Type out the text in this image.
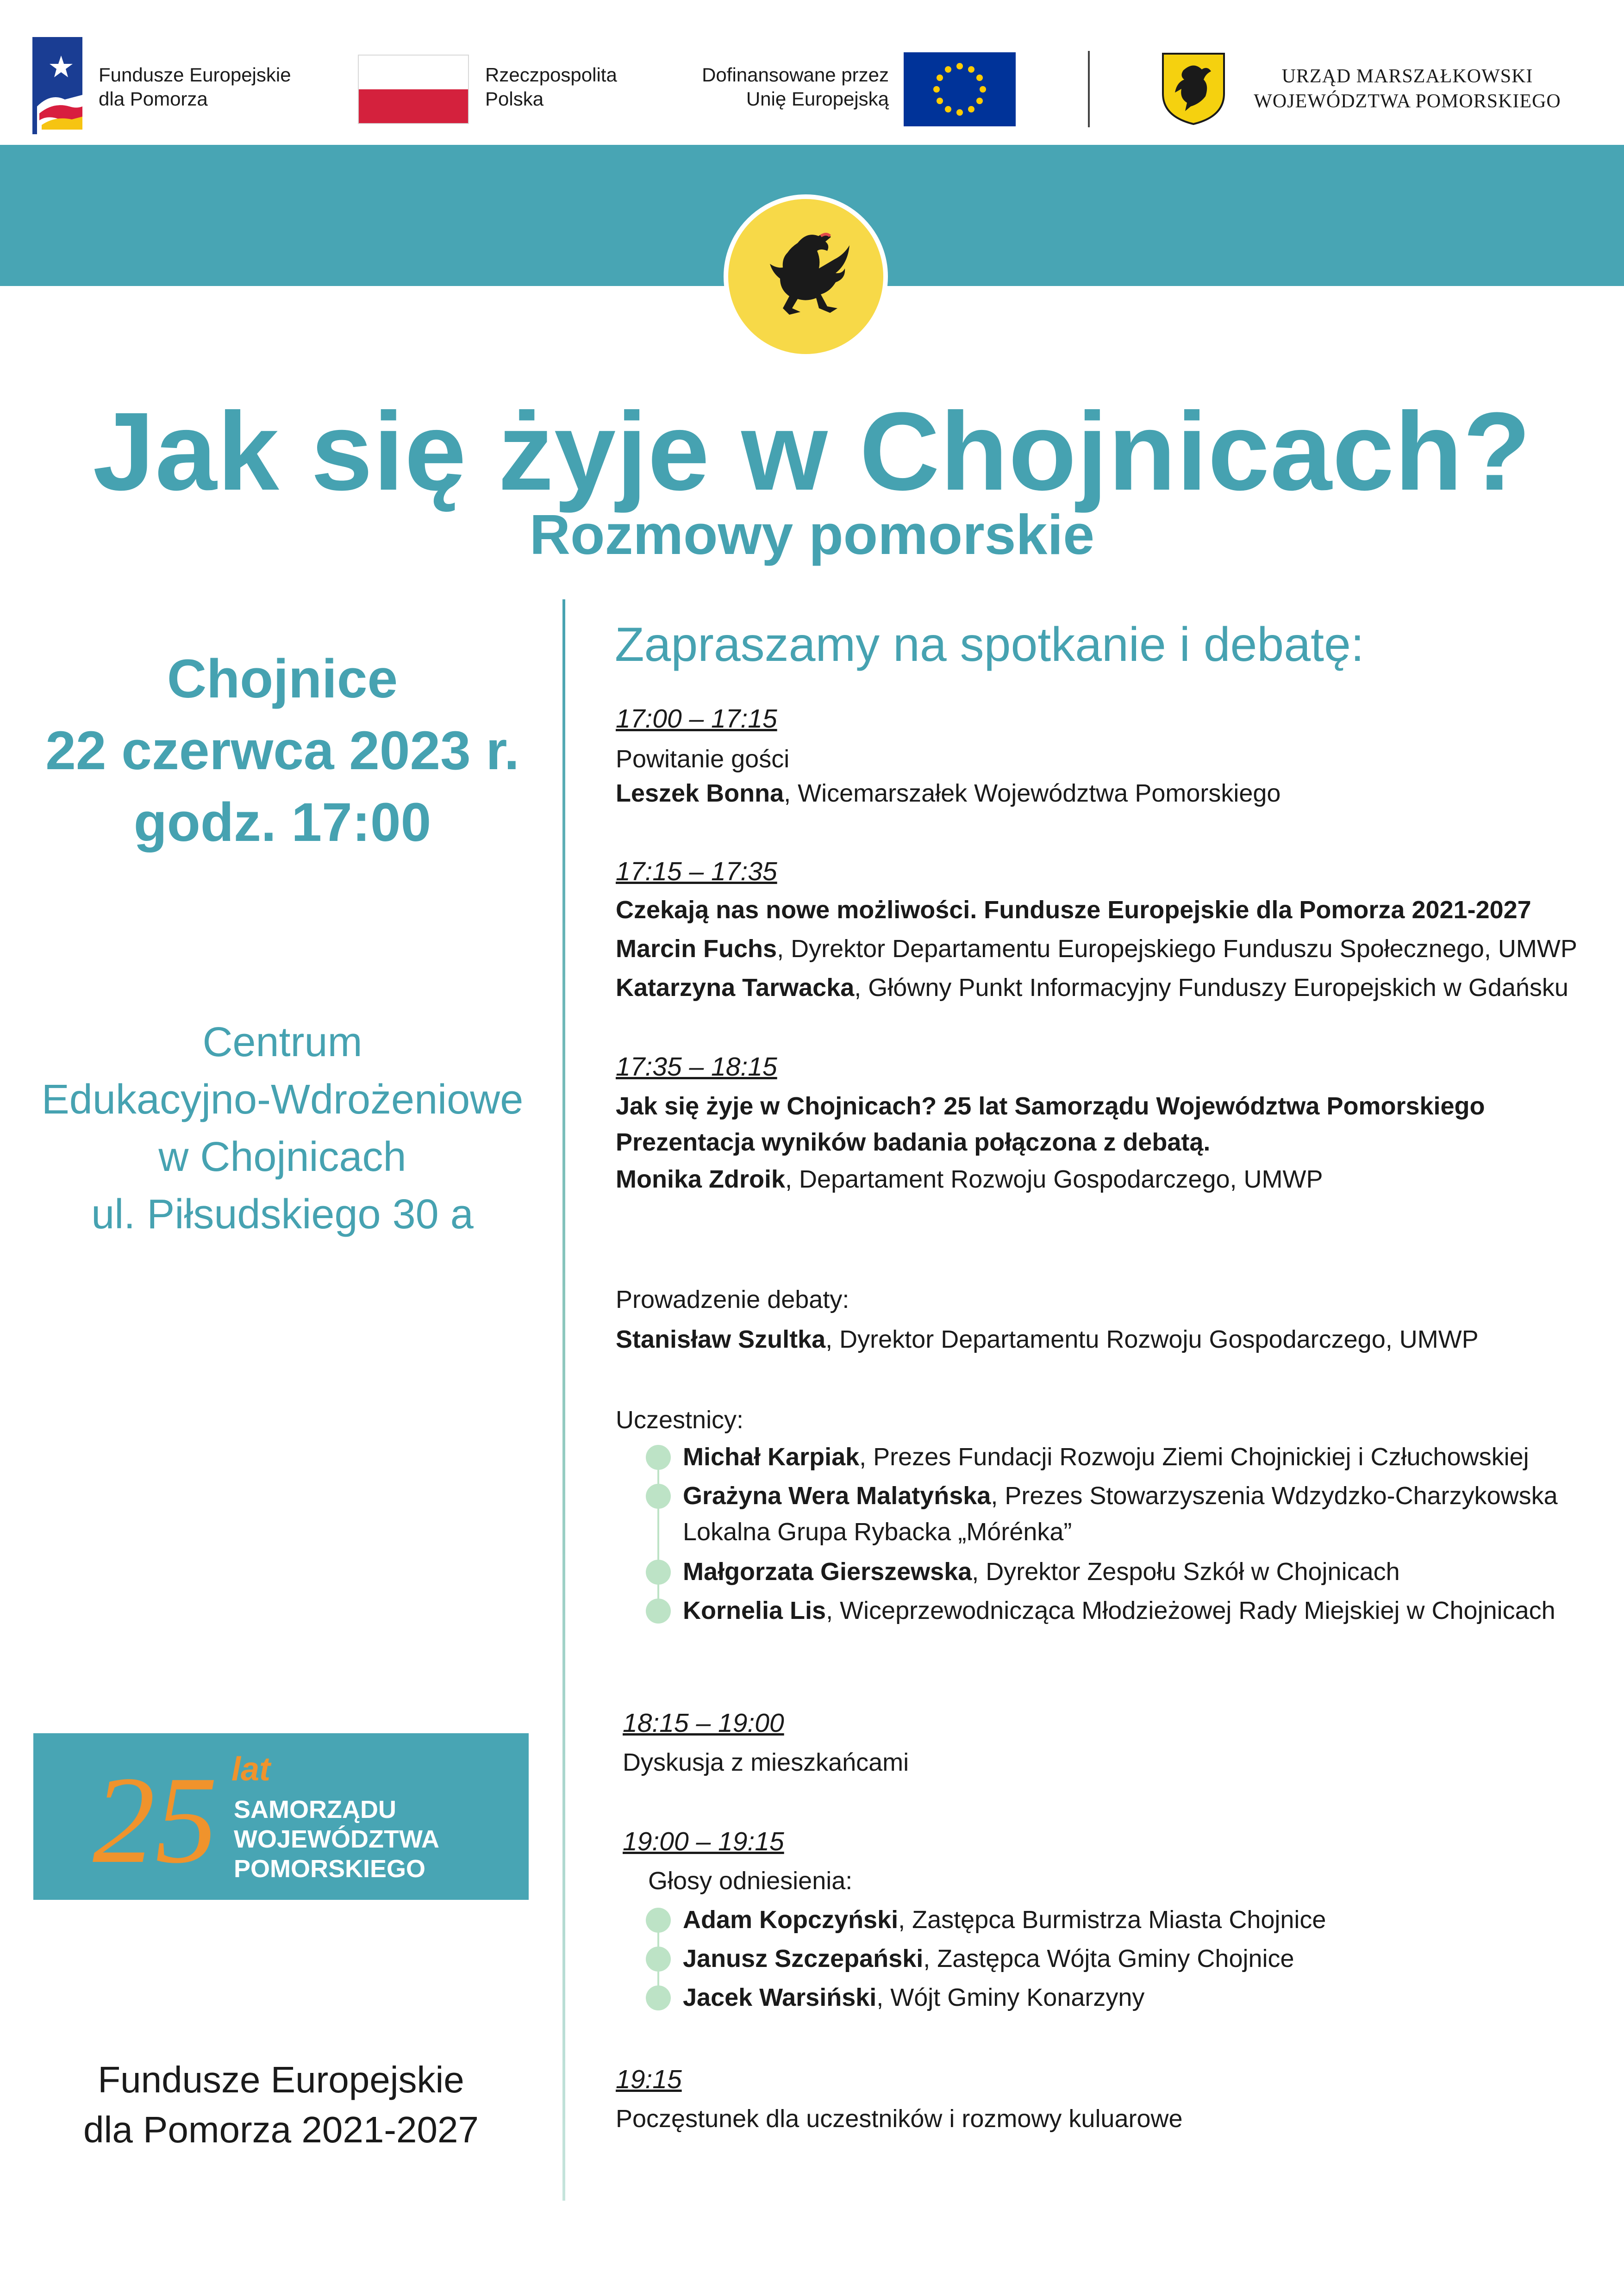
Fundusze Europejskie
dla Pomorza
Rzeczpospolita
Polska
Dofinansowane przez
Unię Europejską
URZĄD MARSZAŁKOWSKI
WOJEWÓDZTWA POMORSKIEGO
Jak się żyje w Chojnicach?
Rozmowy pomorskie
Chojnice
22 czerwca 2023 r.
godz. 17:00
Centrum
Edukacyjno-Wdrożeniowe
w Chojnicach
ul. Piłsudskiego 30 a
25 lat
SAMORZĄDU
WOJEWÓDZTWA
POMORSKIEGO
Fundusze Europejskie
dla Pomorza 2021-2027
Zapraszamy na spotkanie i debatę:
17:00 – 17:15
Powitanie gości
Leszek Bonna, Wicemarszałek Województwa Pomorskiego
17:15 – 17:35
Czekają nas nowe możliwości. Fundusze Europejskie dla Pomorza 2021-2027
Marcin Fuchs, Dyrektor Departamentu Europejskiego Funduszu Społecznego, UMWP
Katarzyna Tarwacka, Główny Punkt Informacyjny Funduszy Europejskich w Gdańsku
17:35 – 18:15
Jak się żyje w Chojnicach? 25 lat Samorządu Województwa Pomorskiego
Prezentacja wyników badania połączona z debatą.
Monika Zdroik, Departament Rozwoju Gospodarczego, UMWP
Prowadzenie debaty:
Stanisław Szultka, Dyrektor Departamentu Rozwoju Gospodarczego, UMWP
Uczestnicy:
Michał Karpiak, Prezes Fundacji Rozwoju Ziemi Chojnickiej i Człuchowskiej
Grażyna Wera Malatyńska, Prezes Stowarzyszenia Wdzydzko-Charzykowska
Lokalna Grupa Rybacka „Mórénka”
Małgorzata Gierszewska, Dyrektor Zespołu Szkół w Chojnicach
Kornelia Lis, Wiceprzewodnicząca Młodzieżowej Rady Miejskiej w Chojnicach
18:15 – 19:00
Dyskusja z mieszkańcami
19:00 – 19:15
Głosy odniesienia:
Adam Kopczyński, Zastępca Burmistrza Miasta Chojnice
Janusz Szczepański, Zastępca Wójta Gminy Chojnice
Jacek Warsiński, Wójt Gminy Konarzyny
19:15
Poczęstunek dla uczestników i rozmowy kuluarowe
